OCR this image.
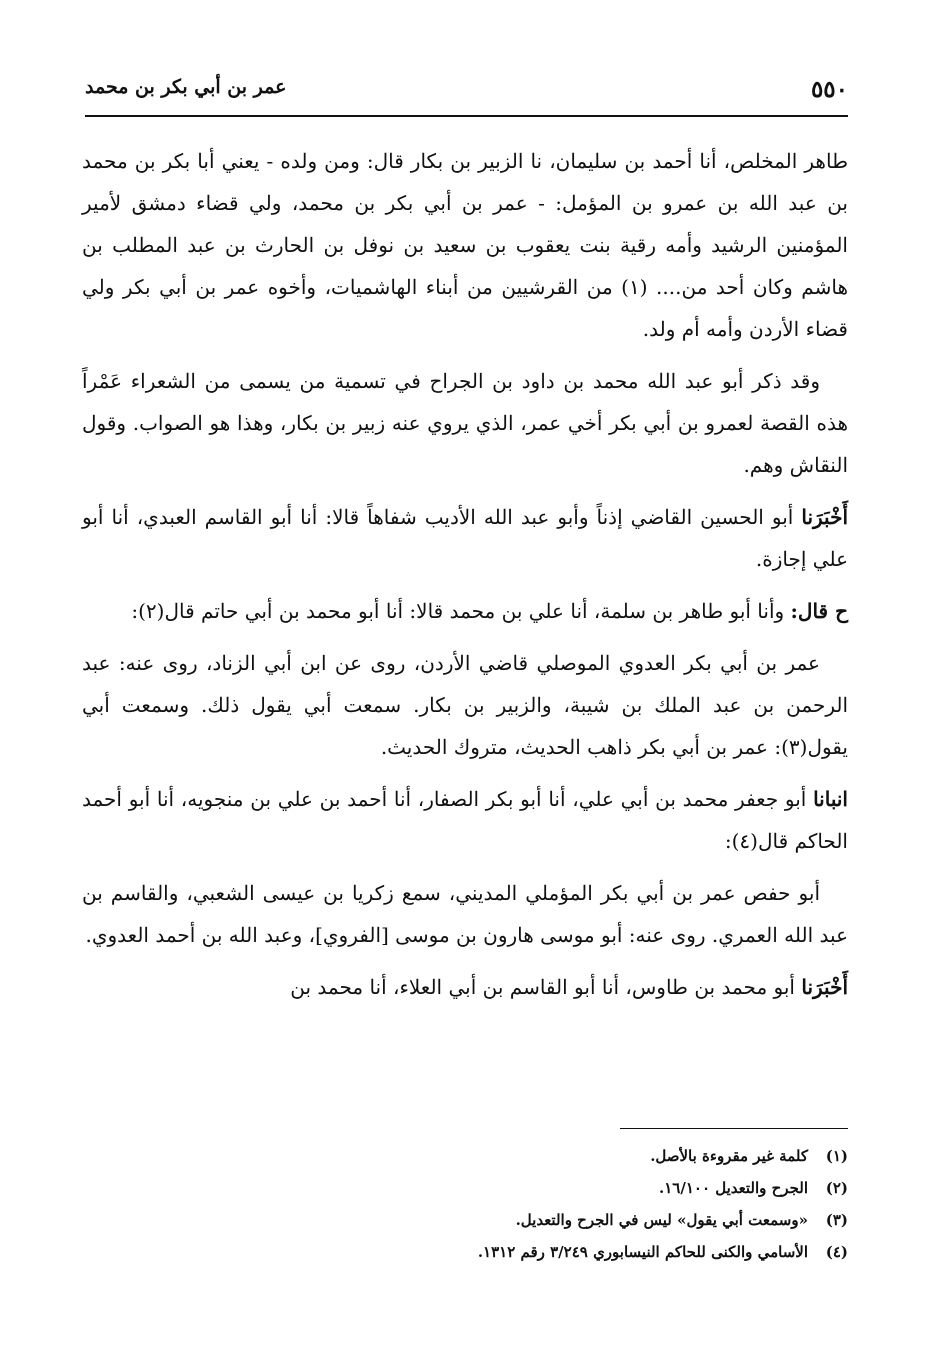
٥٥٠
عمر بن أبي بكر بن محمد

طاهر المخلص، أنا أحمد بن سليمان، نا الزبير بن بكار قال: ومن ولده - يعني أبا بكر بن محمد بن عبد الله بن عمرو بن المؤمل: - عمر بن أبي بكر بن محمد، ولي قضاء دمشق لأمير المؤمنين الرشيد وأمه رقية بنت يعقوب بن سعيد بن نوفل بن الحارث بن عبد المطلب بن هاشم وكان أحد من.... (١) من القرشيين من أبناء الهاشميات، وأخوه عمر بن أبي بكر ولي قضاء الأردن وأمه أم ولد.

وقد ذكر أبو عبد الله محمد بن داود بن الجراح في تسمية من يسمى من الشعراء عَمْراً هذه القصة لعمرو بن أبي بكر أخي عمر، الذي يروي عنه زبير بن بكار، وهذا هو الصواب. وقول النقاش وهم.

أَخْبَرَنا أبو الحسين القاضي إذناً وأبو عبد الله الأديب شفاهاً قالا: أنا أبو القاسم العبدي، أنا أبو علي إجازة.

ح قال: وأنا أبو طاهر بن سلمة، أنا علي بن محمد قالا: أنا أبو محمد بن أبي حاتم قال(٢):

عمر بن أبي بكر العدوي الموصلي قاضي الأردن، روى عن ابن أبي الزناد، روى عنه: عبد الرحمن بن عبد الملك بن شيبة، والزبير بن بكار. سمعت أبي يقول ذلك. وسمعت أبي يقول(٣): عمر بن أبي بكر ذاهب الحديث، متروك الحديث.

انبانا أبو جعفر محمد بن أبي علي، أنا أبو بكر الصفار، أنا أحمد بن علي بن منجويه، أنا أبو أحمد الحاكم قال(٤):

أبو حفص عمر بن أبي بكر المؤملي المديني، سمع زكريا بن عيسى الشعبي، والقاسم بن عبد الله العمري. روى عنه: أبو موسى هارون بن موسى [الفروي]، وعبد الله بن أحمد العدوي.

أَخْبَرَنا أبو محمد بن طاوس، أنا أبو القاسم بن أبي العلاء، أنا محمد بن

(١)
كلمة غير مقروءة بالأصل.
(٢)
الجرح والتعديل ١٦/١٠٠.
(٣)
«وسمعت أبي يقول» ليس في الجرح والتعديل.
(٤)
الأسامي والكنى للحاكم النيسابوري ٣/٢٤٩ رقم ١٣١٢.
